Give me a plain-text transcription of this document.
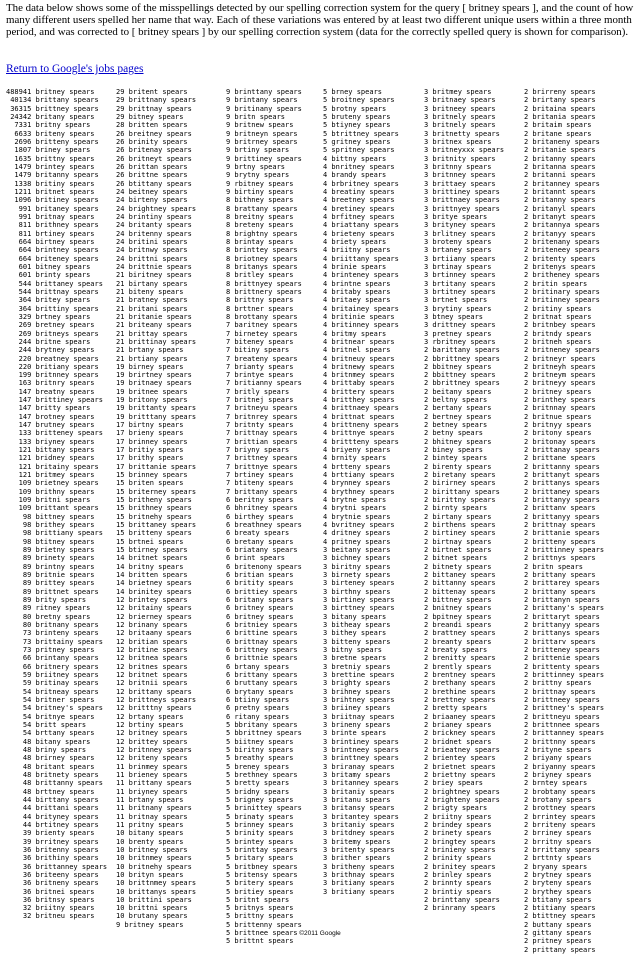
The data below shows some of the misspellings detected by our spelling correction system for the query [ britney spears ], and the count of how many different users spelled her name that way. Each of these variations was entered by at least two different unique users within a three month period, and was corrected to [ britney spears ] by our spelling correction system (data for the correctly spelled query is shown for comparison).

Return to Google's jobs pages
488941 britney spears
40134 brittany spears
36315 brittney spears
24342 britany spears
7331 britny spears
6633 briteny spears
2696 britteny spears
1807 briney spears
1635 brittny spears
1479 brintey spears
1479 britanny spears
1338 britiny spears
1211 britnet spears
1096 britiney spears
991 britaney spears
991 britnay spears
811 brithney spears
811 brtiney spears
664 birtney spears
664 brintney spears
664 briteney spears
601 bitney spears
601 brinty spears
544 brittaney spears
544 brittnay spears
364 britey spears
364 brittiny spears
329 brtney spears
269 bretney spears
269 britneys spears
244 britne spears
244 brytney spears
220 breatney spears
220 britiany spears
199 britnney spears
163 britnry spears
147 breatny spears
147 brittiney spears
147 britty spears
147 brotney spears
147 brutney spears
133 britteney spears
133 briyney spears
121 bittany spears
121 bridney spears
121 britainy spears
121 britmey spears
109 brietney spears
109 brithny spears
109 britni spears
109 brittant spears
98 bittney spears
98 brithey spears
98 brittiany spears
98 btitney spears
89 brietny spears
89 brinety spears
89 brintny spears
89 britnie spears
89 brittey spears
89 brittnet spears
89 brity spears
89 ritney spears
80 bretny spears
80 britnany spears
73 brinteny spears
73 brittainy spears
73 pritney spears
66 brintany spears
66 britnery spears
59 briitney spears
59 britinay spears
54 britneay spears
54 britner spears
54 britney's spears
54 britnye spears
54 britt spears
54 brttany spears
48 bitany spears
48 briny spears
48 brirney spears
48 britant spears
48 britnety spears
48 brittanny spears
48 brttney spears
44 birttany spears
44 brittani spears
44 brityney spears
44 brtitney spears
39 brienty spears
39 brritney spears
36 britenny spears
36 brithiny spears
36 brittanney spears
36 briteeny spears
36 britneny spears
36 britnei spears
36 britnsy spears
32 briitny spears
32 britneu spears

29 britent spears
29 brittnany spears
29 brittnay spears
29 bitney spears
28 britten spears
26 breitney spears
26 brinity spears
26 britenay spears
26 britneyt spears
26 brittan spears
26 brittne spears
26 btittany spears
24 beitney spears
24 birteny spears
24 brightney spears
24 brintiny spears
24 britanty spears
24 britenny spears
24 britini spears
24 britnwy spears
24 brittni spears
24 brittnie spears
21 biritney spears
21 birtany spears
21 biteny spears
21 bratney spears
21 britani spears
21 britanie spears
21 briteany spears
21 brittay spears
21 brittinay spears
21 brtany spears
21 brtiany spears
19 birney spears
19 brirtney spears
19 britnaey spears
19 britnee spears
19 britony spears
19 brittanty spears
19 britttany spears
17 birtny spears
17 brieny spears
17 brinney spears
17 britiy spears
17 brithy spears
17 brittanie spears
15 brinney spears
15 briten spears
15 briterney spears
15 britheny spears
15 brithney spears
15 britnehy spears
15 brittaney spears
15 britteny spears
15 brtnei spears
15 btirney spears
14 britnet spears
14 britny spears
14 britten spears
14 brietney spears
14 brinitey spears
12 brintey spears
12 britainy spears
12 brierney spears
12 brinany spears
12 britaany spears
12 britian spears
12 britine spears
12 britnea spears
12 britnes spears
12 britnet spears
12 britnii spears
12 brittany spears
12 brittneys spears
12 britttny spears
12 brtany spears
12 brtiny spears
12 britney spears
12 brittey spears
12 britnney spears
12 briteny spears
11 brinmey spears
11 brieney spears
11 brittany spears
11 briyney spears
11 brtany spears
11 britnany spears
11 britnay spears
11 pritny spears
10 bitany spears
10 brenty spears
10 britney spears
10 britnmey spears
10 britnehy spears
10 brityn spears
10 brittnmey spears
10 brittanys spears
10 brittini spears
10 brittni spears
10 brutany spears
9 britney spears

9 brinttany spears
9 brintany spears
9 britinany spears
9 britn spears
9 britnew spears
9 britneyn spears
9 britrney spears
9 brtiny spears
9 brittiney spears
9 brtny spears
9 brytny spears
9 rbitney spears
9 birtiny spears
8 bithney spears
8 brattany spears
8 breitny spears
8 breteny spears
8 brightny spears
8 brintay spears
8 brinttey spears
8 briotney spears
8 britanys spears
8 britley spears
8 brittnyey spears
8 brittnery spears
8 brittny spears
8 brttner spears
8 brottany spears
7 baritney spears
7 birnetey spears
7 biteney spears
7 bitiny spears
7 breateny spears
7 brianty spears
7 brintye spears
7 britianny spears
7 britly spears
7 britnej spears
7 britneyu spears
7 britnrey spears
7 britnty spears
7 brittnay spears
7 brittian spears
7 briyny spears
7 brittney spears
7 brittnye spears
7 brtiney spears
7 btiteny spears
7 brittany spears
6 beritny spears
6 bhritney spears
6 birthey spears
6 breathney spears
6 breaty spears
6 bretany spears
6 briatany spears
6 brint spears
6 britenony spears
6 britian spears
6 britity spears
6 brittiey spears
6 britany spears
6 britney spears
6 britney spears
6 britniey spears
6 brittine spears
6 brittnay spears
6 brittney spears
6 brittnie spears
6 brtany spears
6 brittany spears
6 bruttany spears
6 brytany spears
6 btiiny spears
6 pretny spears
6 ritany spears
5 bbritany spears
5 bbrittney spears
5 biitney spears
5 biritny spears
5 breathy spears
5 breney spears
5 brethney spears
5 bretty spears
5 bridny spears
5 brigney spears
5 brinittey spears
5 brinaty spears
5 brinney spears
5 brinity spears
5 brintey spears
5 brinttay spears
5 britary spears
5 britbney spears
5 britensy spears
5 britery spears
5 britiey spears
5 britnt spears
5 britnys spears
5 brittny spears
5 brittenny spears
5 brittnee spears
5 brittnt spears

5 brney spears
5 broitney spears
5 brotny spears
5 bruteny spears
5 btiyney spears
5 btrittney spears
5 gritney spears
5 spritney spears
4 bittny spears
4 bnritney spears
4 brandy spears
4 brbritney spears
4 breatiny spears
4 breetney spears
4 bretiney spears
4 brfitney spears
4 briattany spears
4 brieteny spears
4 briety spears
4 briitny spears
4 briittany spears
4 brinie spears
4 brinteney spears
4 brintne spears
4 britaby spears
4 britaey spears
4 britainey spears
4 britinie spears
4 britinney spears
4 britmy spears
4 britnear spears
4 britnel spears
4 britneuy spears
4 britnewy spears
4 britnmey spears
4 brittaby spears
4 brittery spears
4 britthey spears
4 brittnaey spears
4 brittnat spears
4 brittneny spears
4 brittnye spears
4 brittteny spears
4 briyeny spears
4 brnity spears
4 brtteny spears
4 brttiany spears
4 brynney spears
4 brythney spears
4 brytne spears
4 brytni spears
4 brytnie spears
4 bvritney spears
4 dritney spears
4 pritney spears
3 beitany spears
3 bichney spears
3 biritny spears
3 birnety spears
3 birteney spears
3 birthny spears
3 birtiney spears
3 birttney spears
3 bitany spears
3 bitheay spears
3 bithey spears
3 bitteny spears
3 bitny spears
3 bretne spears
3 bretniy spears
3 brettine spears
3 brighty spears
3 brihney spears
3 brihtney spears
3 briiney spears
3 briitnay spears
3 brineny spears
3 brinte spears
3 brintiney spears
3 brintneey spears
3 brinttney spears
3 briranay spears
3 britamy spears
3 britanney spears
3 britaniy spears
3 britanu spears
3 britansy spears
3 britantey spears
3 britaniy spears
3 britdney spears
3 britemy spears
3 britenty spears
3 brither spears
3 britheny spears
3 brithnay spears
3 britiany spears
3 britiany spears

3 britmey spears
3 britnaey spears
3 britneey spears
3 britnely spears
3 britnely spears
3 britnetty spears
3 britnex spears
3 britneyxxx spears
3 britnity spears
3 britnny spears
3 britnney spears
3 brittaey spears
3 brittiney spears
3 brittnaey spears
3 brittnyey spears
3 britye spears
3 brityney spears
3 brlitney spears
3 broteny spears
3 brtaney spears
3 brtiiany spears
3 brtinay spears
3 brtinney spears
3 brtitany spears
3 brtitney spears
3 brtnet spears
3 brytiny spears
3 btney spears
3 drittney spears
3 pretney spears
3 rbritney spears
2 barittany spears
2 bbrittney spears
2 bbitney spears
2 bbittney spears
2 bbrittney spears
2 beitany spears
2 beltny spears
2 bertany spears
2 bertney spears
2 betney spears
2 betny spears
2 bhitney spears
2 biney spears
2 bintey spears
2 birenty spears
2 biretany spears
2 birirney spears
2 birittany spears
2 birittny spears
2 birnty spears
2 birtany spears
2 birthens spears
2 birtiney spears
2 birtnay spears
2 birtnet spears
2 bitnet spears
2 bitnety spears
2 bittaney spears
2 bittanny spears
2 bittenay spears
2 bittney spears
2 bnitney spears
2 bpitney spears
2 breandi spears
2 brattney spears
2 breanty spears
2 breaty spears
2 brenitty spears
2 brently spears
2 brentney spears
2 brethany spears
2 brethine spears
2 brettney spears
2 bretty spears
2 briaaney spears
2 brianey spears
2 brickney spears
2 bridnet spears
2 brieatney spears
2 brientey spears
2 brietnet spears
2 briettny spears
2 briey spears
2 brightney spears
2 brighteny spears
2 brigty spears
2 briitny spears
2 brindey spears
2 brinety spears
2 bringtey spears
2 brinieny spears
2 brinity spears
2 brinitey spears
2 brinley spears
2 brinnty spears
2 brintiy spears
2 brinttany spears
2 brinrany spears

2 brirreny spears
2 brirtany spears
2 britaina spears
2 britania spears
2 britaim spears
2 britane spears
2 britaneny spears
2 britanie spears
2 britanny spears
2 britanna spears
2 britanni spears
2 britanney spears
2 britannt spears
2 britanny spears
2 britanyl spears
2 britanyt spears
2 britannya spears
2 britanyy spears
2 britenany spears
2 briteneey spears
2 britenty spears
2 britenys spears
2 britheney spears
2 britin spears
2 britinary spears
2 britinney spears
2 britiny spears
2 britnat spears
2 britnbey spears
2 britndy spears
2 britneh spears
2 britneney spears
2 britneyr spears
2 britneyh spears
2 britneym spears
2 britneyy spears
2 britney spears
2 brinthey spears
2 britnnay spears
2 britnue spears
2 britnyy spears
2 britony spears
2 britonay spears
2 brittanay spears
2 brittane spears
2 brittanny spears
2 brittanyt spears
2 brittanys spears
2 brittaney spears
2 brittanyy spears
2 brittanv spears
2 brittanyy spears
2 brittnay spears
2 brittanie spears
2 britteny spears
2 brittinney spears
2 brittnys spears
2 britn spears
2 brittany spears
2 brittarey spears
2 brittany spears
2 brittanyn spears
2 brittany's spears
2 brittaryt spears
2 brittanyy spears
2 brittanys spears
2 brittarv spears
2 britteney spears
2 brittenie spears
2 brittenty spears
2 brittinney spears
2 brittny spears
2 brittnay spears
2 brittneey spears
2 brittney's spears
2 brittneyu spears
2 brittnnee spears
2 brittanney spears
2 brittnny spears
2 brityne spears
2 briyany spears
2 briyanny spears
2 briyney spears
2 brntey spears
2 brobtany spears
2 brotany spears
2 brottney spears
2 brrintey spears
2 brriteny spears
2 brriney spears
2 brritny spears
2 brrittany spears
2 brttnty spears
2 bryany spears
2 brytney spears
2 bryteny spears
2 brythey spears
2 btitany spears
2 btitiany spears
2 btittney spears
2 buttany spears
2 gittany spears
2 pritney spears
2 prittany spears

©2011 Google
